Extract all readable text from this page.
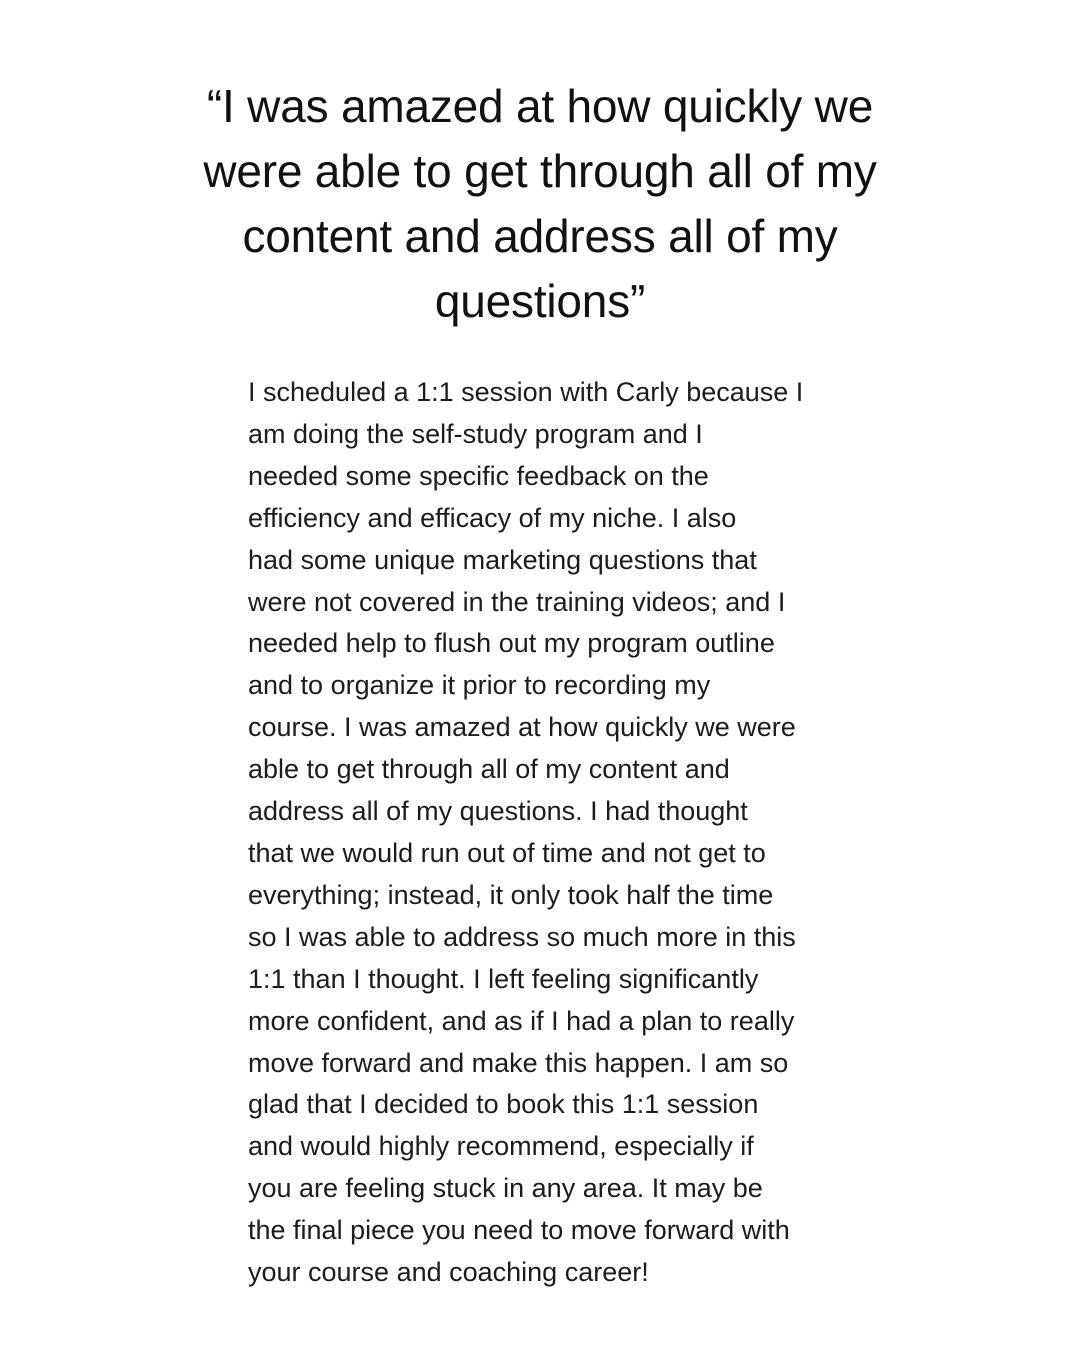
“I was amazed at how quickly we
were able to get through all of my
content and address all of my
questions”
I scheduled a 1:1 session with Carly because I
am doing the self-study program and I
needed some specific feedback on the
efficiency and efficacy of my niche. I also
had some unique marketing questions that
were not covered in the training videos; and I
needed help to flush out my program outline
and to organize it prior to recording my
course. I was amazed at how quickly we were
able to get through all of my content and
address all of my questions. I had thought
that we would run out of time and not get to
everything; instead, it only took half the time
so I was able to address so much more in this
1:1 than I thought. I left feeling significantly
more confident, and as if I had a plan to really
move forward and make this happen. I am so
glad that I decided to book this 1:1 session
and would highly recommend, especially if
you are feeling stuck in any area. It may be
the final piece you need to move forward with
your course and coaching career!
